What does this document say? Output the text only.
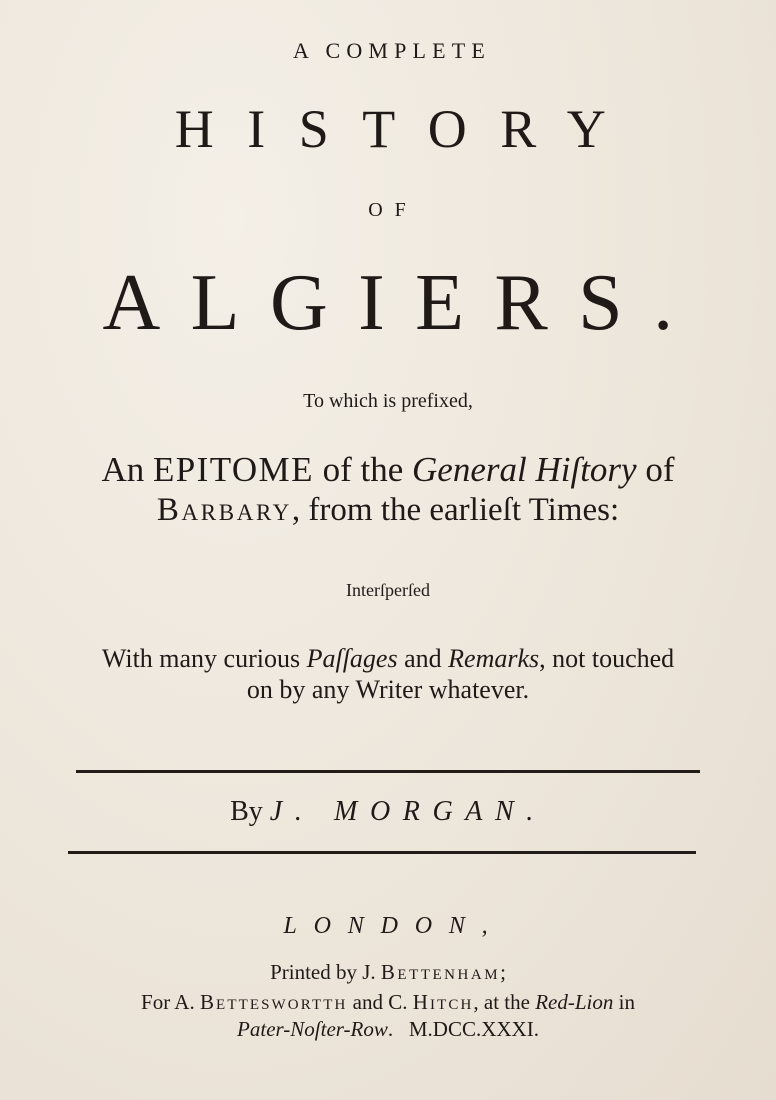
A COMPLETE
HISTORY
OF
ALGIERS.
To which is prefixed,
An EPITOME of the General Hiſtory of
Barbary, from the earlieſt Times:
Interſperſed
With many curious Paſſages and Remarks, not touched
on by any Writer whatever.
By J. MORGAN.
LONDON,
Printed by J. Bettenham;
For A. Betteswortth and C. Hitch, at the Red-Lion in
Pater-Noſter-Row.   M.DCC.XXXI.
